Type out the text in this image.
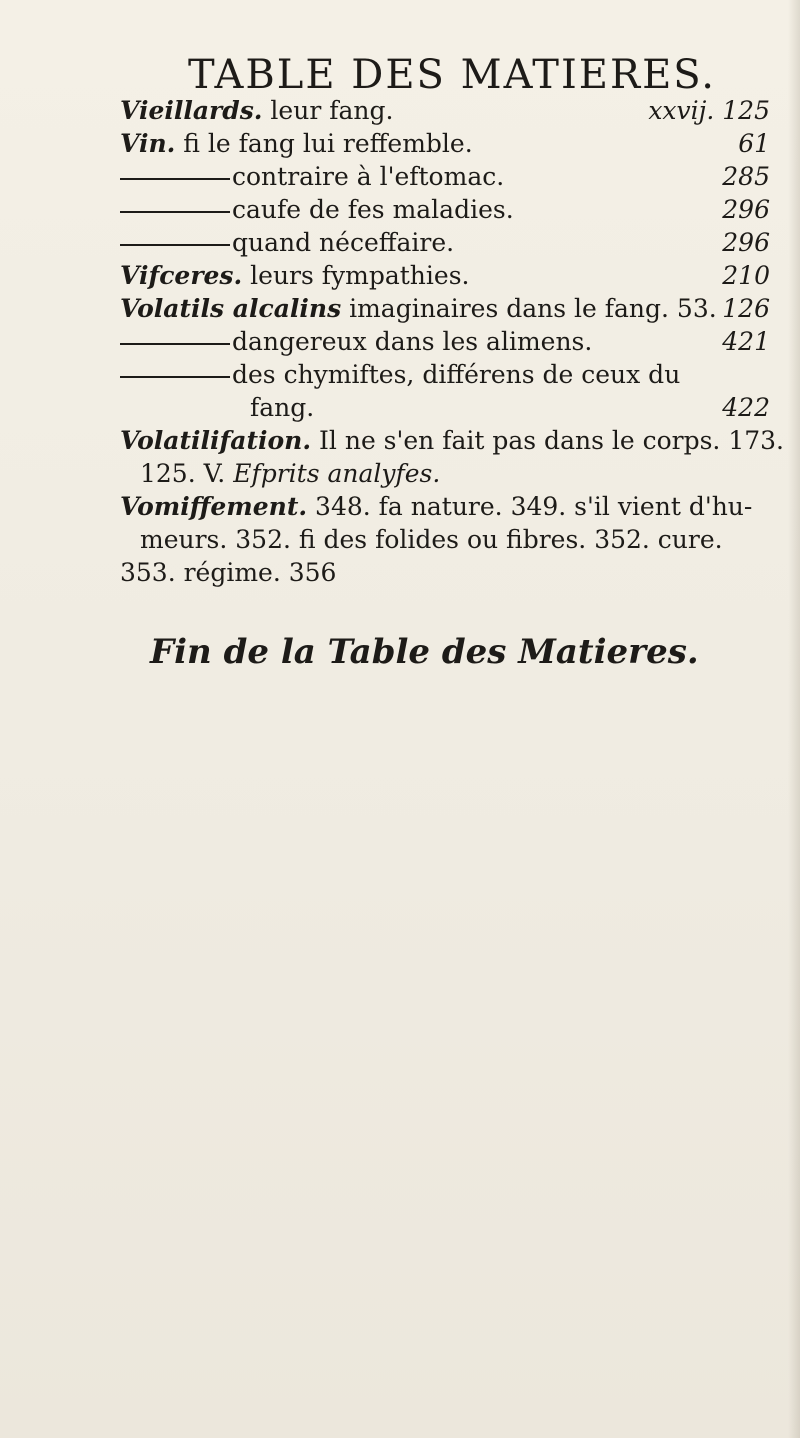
TABLE DES MATIERES.
Vieillards. leur fang.	xxvij. 125
Vin. fi le fang lui reffemble.	61
contraire à l'eftomac.	285
caufe de fes maladies.	296
quand néceffaire.	296
Vifceres. leurs fympathies.	210
Volatils alcalins imaginaires dans le fang. 53. 126
dangereux dans les alimens.	421
des chymiftes, différens de ceux du
fang.	422
Volatilifation. Il ne s'en fait pas dans le corps. 173.
125. V. Efprits analyfes.
Vomiffement. 348. fa nature. 349. s'il vient d'hu-
meurs. 352. fi des folides ou fibres. 352. cure.
353. régime. 356
Fin de la Table des Matieres.
